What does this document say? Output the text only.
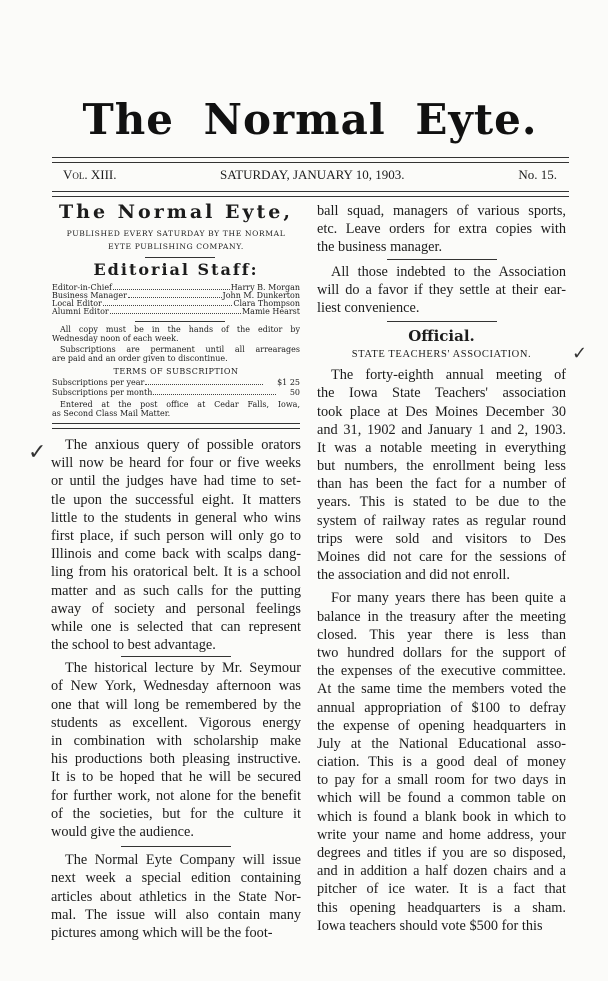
The Normal Eyte.
Vol. XIII.	SATURDAY, JANUARY 10, 1903.	No. 15.
The Normal Eyte,
PUBLISHED EVERY SATURDAY BY THE NORMAL
EYTE PUBLISHING COMPANY.
Editorial Staff:
Editor-in-Chief	Harry B. Morgan
Business Manager	John M. Dunkerton
Local Editor	Clara Thompson
Alumni Editor	Mamie Hearst
All copy must be in the hands of the editor by
Wednesday noon of each week.
Subscriptions are permanent until all arrearages
are paid and an order given to discontinue.
TERMS OF SUBSCRIPTION
Subscriptions per year	$1 25
Subscriptions per month	50
Entered at the post office at Cedar Falls, Iowa,
as Second Class Mail Matter.
The anxious query of possible orators
will now be heard for four or five weeks
or until the judges have had time to set-
tle upon the successful eight. It matters
little to the students in general who wins
first place, if such person will only go to
Illinois and come back with scalps dang-
ling from his oratorical belt. It is a school
matter and as such calls for the putting
away of society and personal feelings
while one is selected that can represent
the school to best advantage.
The historical lecture by Mr. Seymour
of New York, Wednesday afternoon was
one that will long be remembered by the
students as excellent. Vigorous energy
in combination with scholarship make
his productions both pleasing instructive.
It is to be hoped that he will be secured
for further work, not alone for the benefit
of the societies, but for the culture it
would give the audience.
The Normal Eyte Company will issue
next week a special edition containing
articles about athletics in the State Nor-
mal. The issue will also contain many
pictures among which will be the foot-
✓
ball squad, managers of various sports,
etc. Leave orders for extra copies with
the business manager.
All those indebted to the Association
will do a favor if they settle at their ear-
liest convenience.
Official.
STATE TEACHERS' ASSOCIATION.
The forty-eighth annual meeting of
the Iowa State Teachers' association
took place at Des Moines December 30
and 31, 1902 and January 1 and 2, 1903.
It was a notable meeting in everything
but numbers, the enrollment being less
than has been the fact for a number of
years. This is stated to be due to the
system of railway rates as regular round
trips were sold and visitors to Des
Moines did not care for the sessions of
the association and did not enroll.
For many years there has been quite a
balance in the treasury after the meeting
closed. This year there is less than
two hundred dollars for the support of
the expenses of the executive committee.
At the same time the members voted the
annual appropriation of $100 to defray
the expense of opening headquarters in
July at the National Educational asso-
ciation. This is a good deal of money
to pay for a small room for two days in
which will be found a common table on
which is found a blank book in which to
write your name and home address, your
degrees and titles if you are so disposed,
and in addition a half dozen chairs and a
pitcher of ice water. It is a fact that
this opening headquarters is a sham.
Iowa teachers should vote $500 for this
✓
